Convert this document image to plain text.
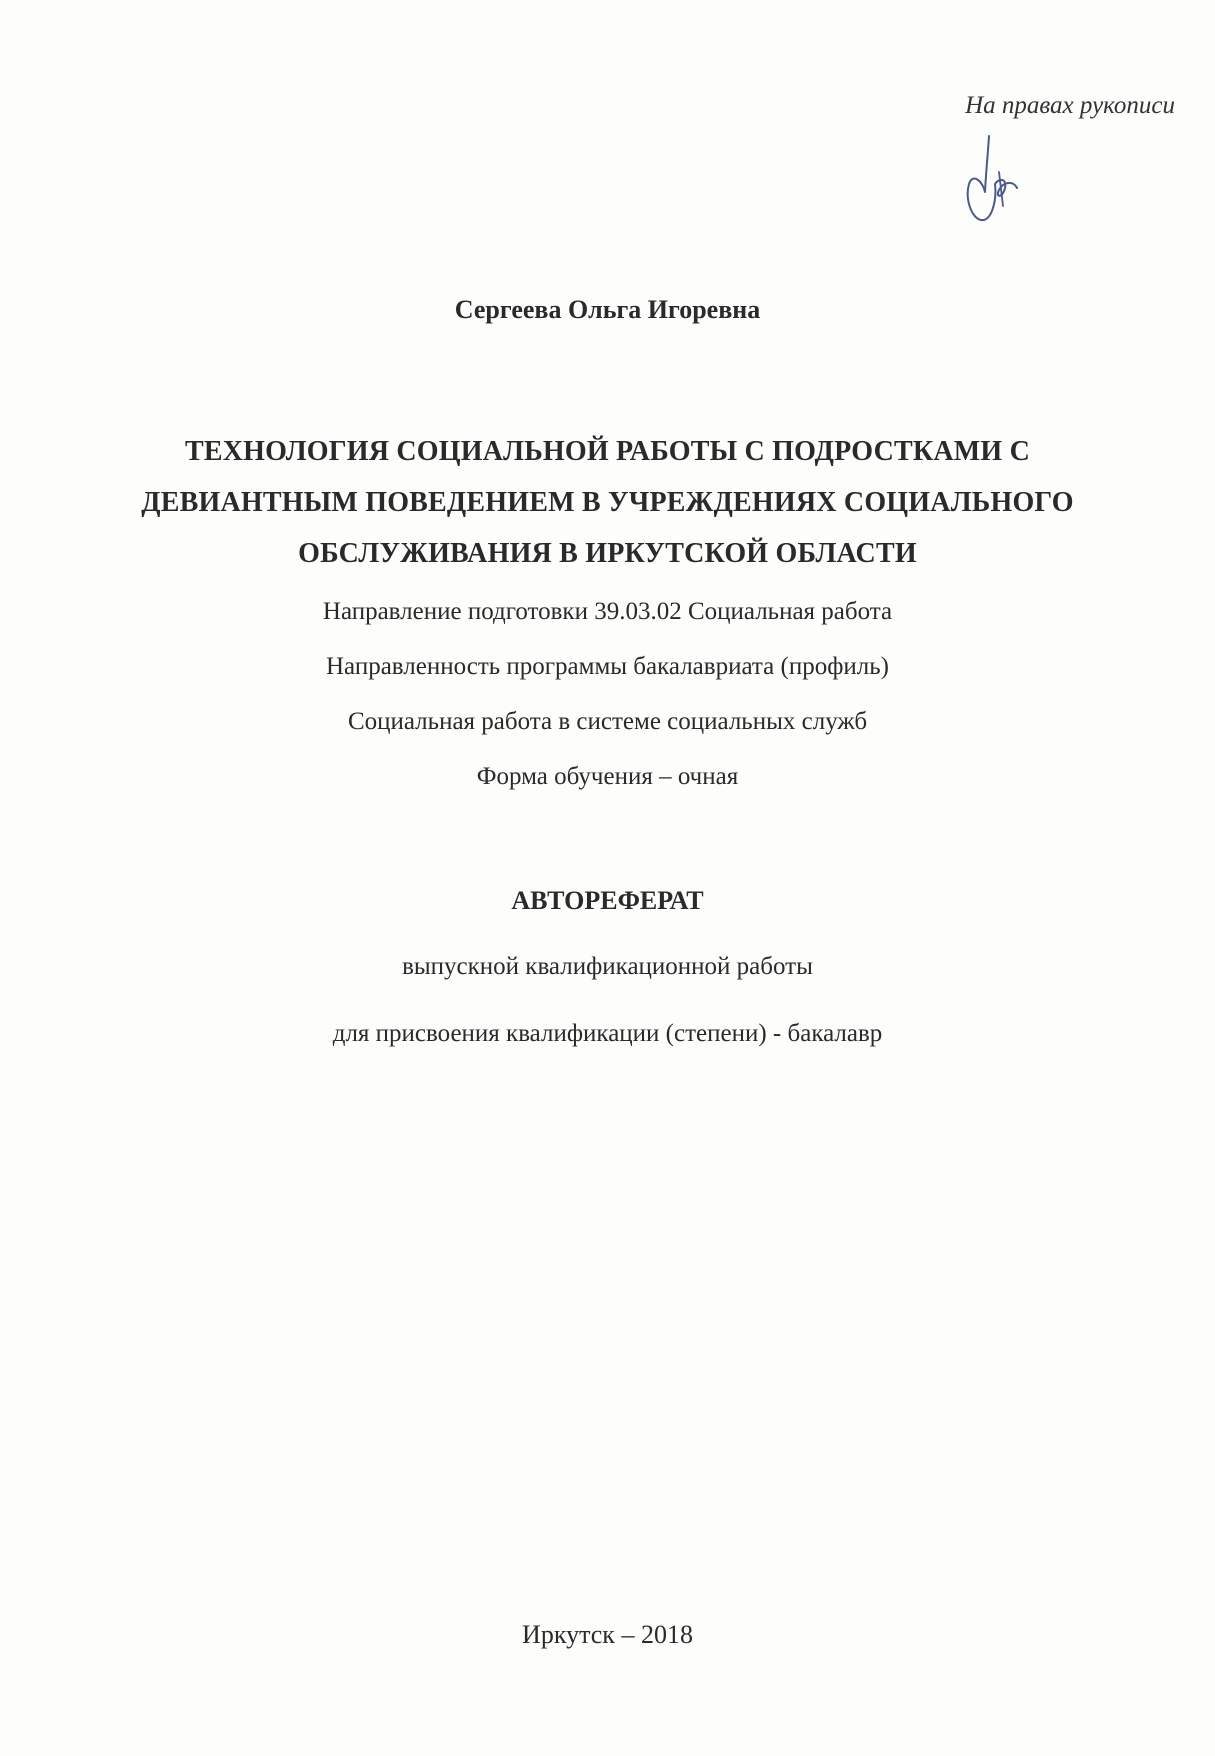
На правах рукописи
Сергеева Ольга Игоревна
ТЕХНОЛОГИЯ СОЦИАЛЬНОЙ РАБОТЫ С ПОДРОСТКАМИ С
ДЕВИАНТНЫМ ПОВЕДЕНИЕМ В УЧРЕЖДЕНИЯХ СОЦИАЛЬНОГО
ОБСЛУЖИВАНИЯ В ИРКУТСКОЙ ОБЛАСТИ
Направление подготовки 39.03.02 Социальная работа
Направленность программы бакалавриата (профиль)
Социальная работа в системе социальных служб
Форма обучения – очная
АВТОРЕФЕРАТ
выпускной квалификационной работы
для присвоения квалификации (степени) - бакалавр
Иркутск – 2018
